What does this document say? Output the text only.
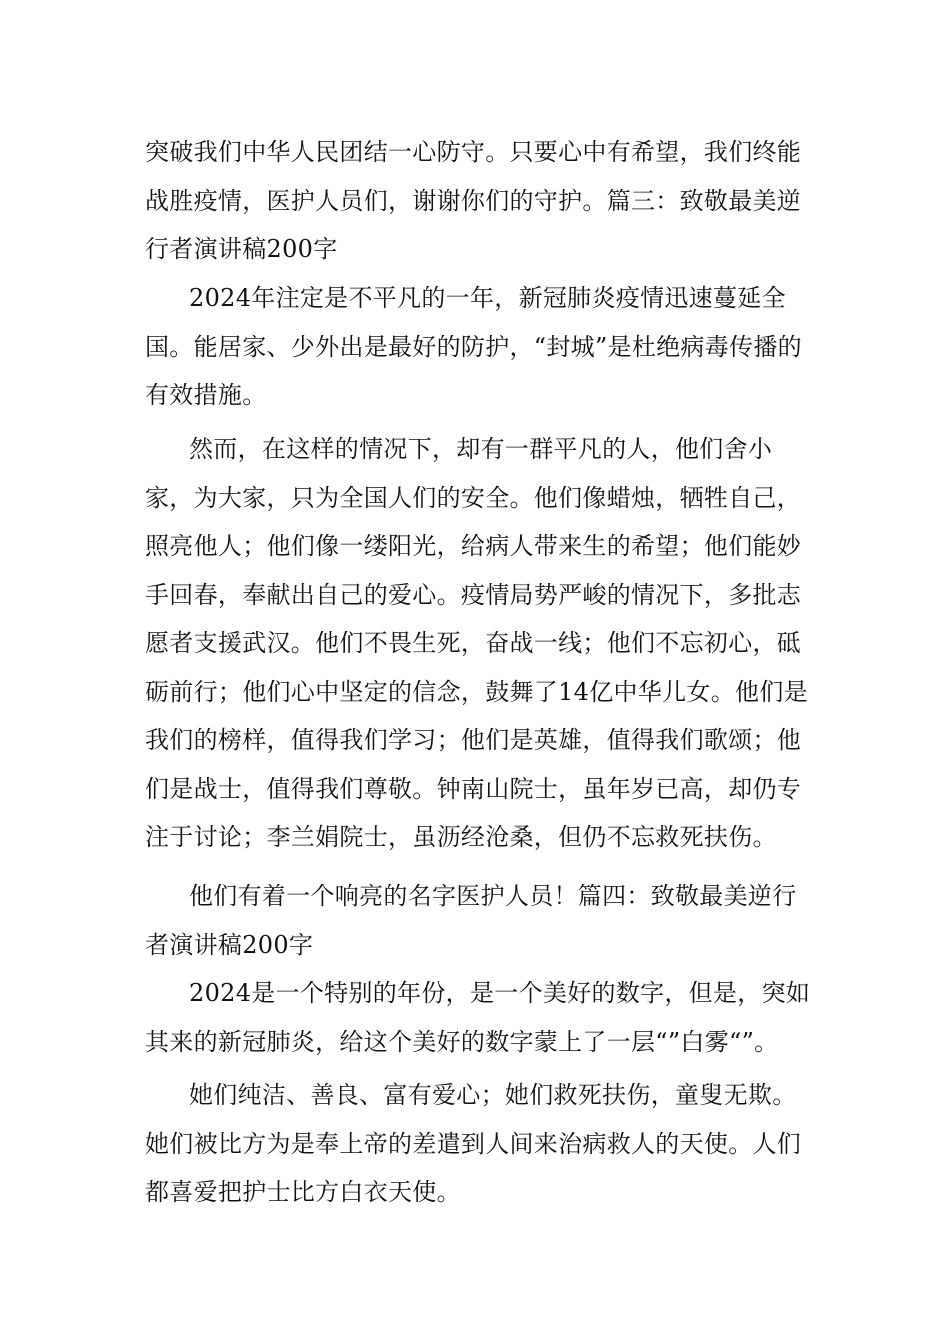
突破我们中华人民团结一心防守。只要心中有希望，我们终能战胜疫情，医护人员们，谢谢你们的守护。篇三：致敬最美逆行者演讲稿200字

2024年注定是不平凡的一年，新冠肺炎疫情迅速蔓延全国。能居家、少外出是最好的防护，“封城”是杜绝病毒传播的有效措施。

然而，在这样的情况下，却有一群平凡的人，他们舍小家，为大家，只为全国人们的安全。他们像蜡烛，牺牲自己，照亮他人；他们像一缕阳光，给病人带来生的希望；他们能妙手回春，奉献出自己的爱心。疫情局势严峻的情况下，多批志愿者支援武汉。他们不畏生死，奋战一线；他们不忘初心，砥砺前行；他们心中坚定的信念，鼓舞了14亿中华儿女。他们是我们的榜样，值得我们学习；他们是英雄，值得我们歌颂；他们是战士，值得我们尊敬。钟南山院士，虽年岁已高，却仍专注于讨论；李兰娟院士，虽沥经沧桑，但仍不忘救死扶伤。

他们有着一个响亮的名字医护人员！篇四：致敬最美逆行者演讲稿200字

2024是一个特别的年份，是一个美好的数字，但是，突如其来的新冠肺炎，给这个美好的数字蒙上了一层“”白雾“”。

她们纯洁、善良、富有爱心；她们救死扶伤，童叟无欺。她们被比方为是奉上帝的差遣到人间来治病救人的天使。人们都喜爱把护士比方白衣天使。
